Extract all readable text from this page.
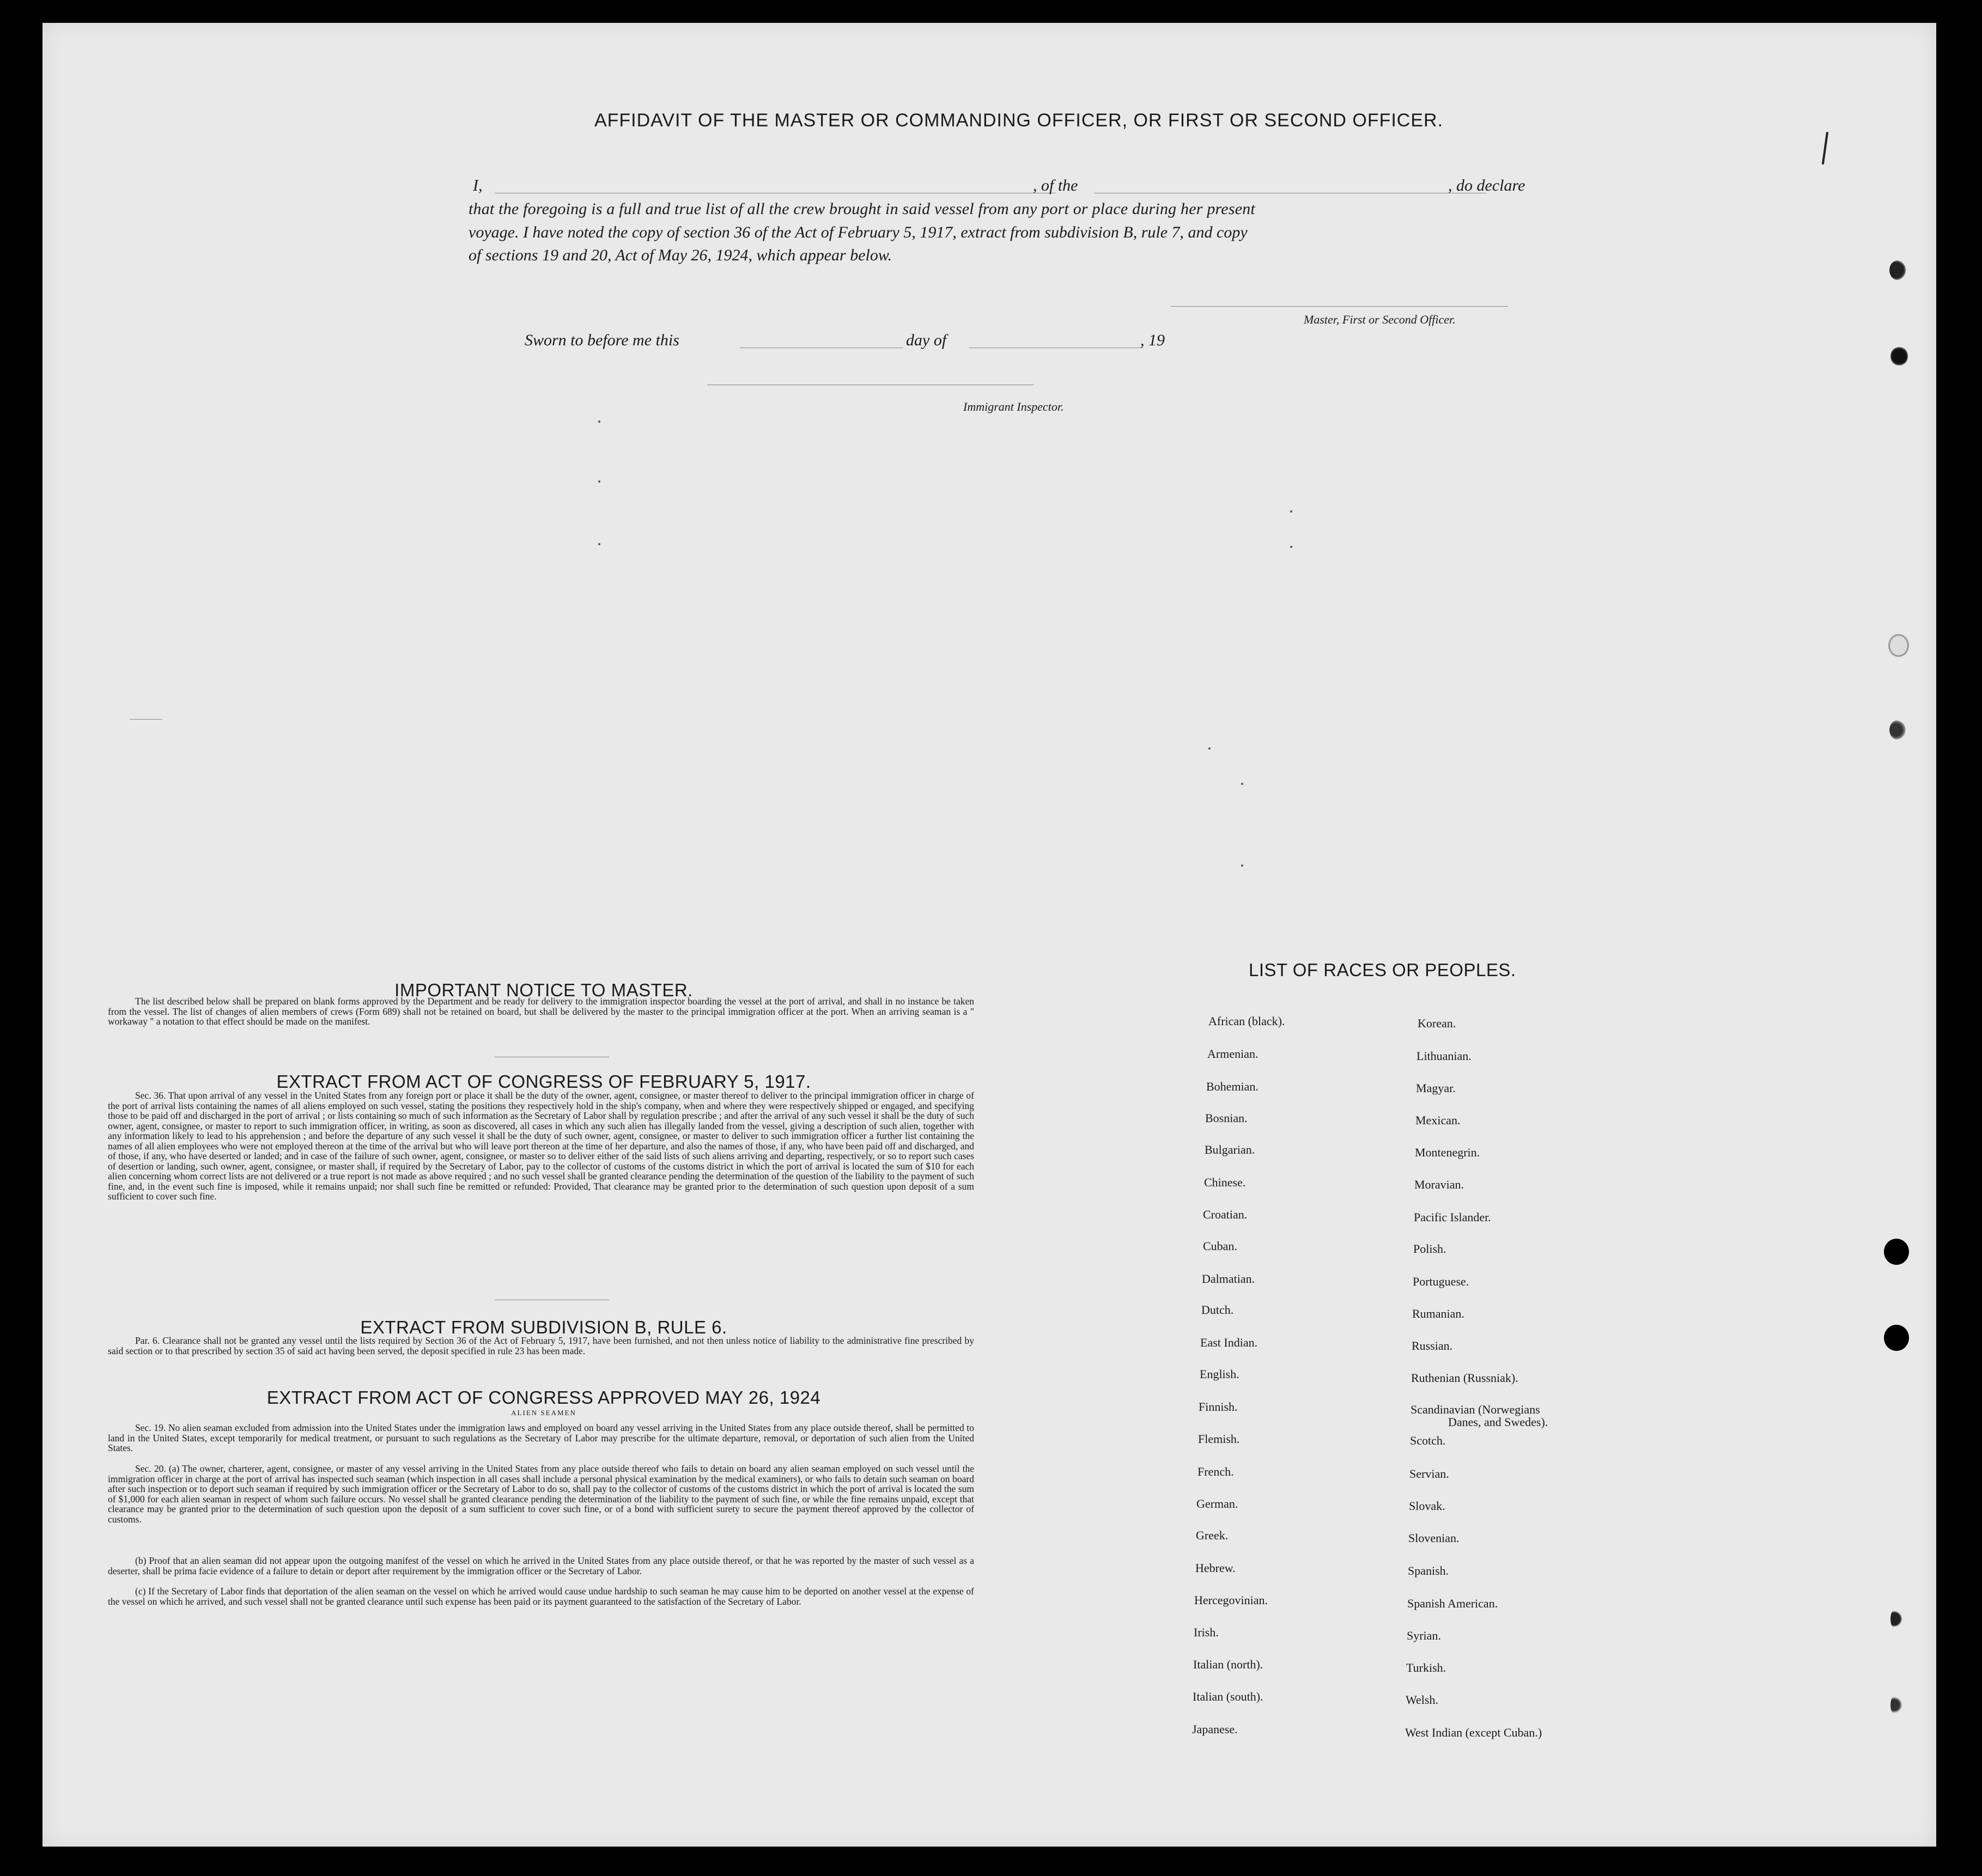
AFFIDAVIT OF THE MASTER OR COMMANDING OFFICER, OR FIRST OR SECOND OFFICER.
I,	, of the	, do declare
that the foregoing is a full and true list of all the crew brought in said vessel from any port or place during her present
voyage. I have noted the copy of section 36 of the Act of February 5, 1917, extract from subdivision B, rule 7, and copy
of sections 19 and 20, Act of May 26, 1924, which appear below.
Master, First or Second Officer.
Sworn to before me this	day of	, 19
Immigrant Inspector.
IMPORTANT NOTICE TO MASTER.
The list described below shall be prepared on blank forms approved by the Department and be ready for delivery to the immigration inspector boarding the vessel at the port of arrival, and shall in no instance be taken from the vessel. The list of changes of alien members of crews (Form 689) shall not be retained on board, but shall be delivered by the master to the principal immigration officer at the port. When an arriving seaman is a " workaway " a notation to that effect should be made on the manifest.
EXTRACT FROM ACT OF CONGRESS OF FEBRUARY 5, 1917.
Sec. 36. That upon arrival of any vessel in the United States from any foreign port or place it shall be the duty of the owner, agent, consignee, or master thereof to deliver to the principal immigration officer in charge of the port of arrival lists containing the names of all aliens employed on such vessel, stating the positions they respectively hold in the ship's company, when and where they were respectively shipped or engaged, and specifying those to be paid off and discharged in the port of arrival ; or lists containing so much of such information as the Secretary of Labor shall by regulation prescribe ; and after the arrival of any such vessel it shall be the duty of such owner, agent, consignee, or master to report to such immigration officer, in writing, as soon as discovered, all cases in which any such alien has illegally landed from the vessel, giving a description of such alien, together with any information likely to lead to his apprehension ; and before the departure of any such vessel it shall be the duty of such owner, agent, consignee, or master to deliver to such immigration officer a further list containing the names of all alien employees who were not employed thereon at the time of the arrival but who will leave port thereon at the time of her departure, and also the names of those, if any, who have been paid off and discharged, and of those, if any, who have deserted or landed; and in case of the failure of such owner, agent, consignee, or master so to deliver either of the said lists of such aliens arriving and departing, respectively, or so to report such cases of desertion or landing, such owner, agent, consignee, or master shall, if required by the Secretary of Labor, pay to the collector of customs of the customs district in which the port of arrival is located the sum of $10 for each alien concerning whom correct lists are not delivered or a true report is not made as above required ; and no such vessel shall be granted clearance pending the determination of the question of the liability to the payment of such fine, and, in the event such fine is imposed, while it remains unpaid; nor shall such fine be remitted or refunded: Provided, That clearance may be granted prior to the determination of such question upon deposit of a sum sufficient to cover such fine.
EXTRACT FROM SUBDIVISION B, RULE 6.
Par. 6. Clearance shall not be granted any vessel until the lists required by Section 36 of the Act of February 5, 1917, have been furnished, and not then unless notice of liability to the administrative fine prescribed by said section or to that prescribed by section 35 of said act having been served, the deposit specified in rule 23 has been made.
EXTRACT FROM ACT OF CONGRESS APPROVED MAY 26, 1924
ALIEN SEAMEN
Sec. 19. No alien seaman excluded from admission into the United States under the immigration laws and employed on board any vessel arriving in the United States from any place outside thereof, shall be permitted to land in the United States, except temporarily for medical treatment, or pursuant to such regulations as the Secretary of Labor may prescribe for the ultimate departure, removal, or deportation of such alien from the United States.
Sec. 20. (a) The owner, charterer, agent, consignee, or master of any vessel arriving in the United States from any place outside thereof who fails to detain on board any alien seaman employed on such vessel until the immigration officer in charge at the port of arrival has inspected such seaman (which inspection in all cases shall include a personal physical examination by the medical examiners), or who fails to detain such seaman on board after such inspection or to deport such seaman if required by such immigration officer or the Secretary of Labor to do so, shall pay to the collector of customs of the customs district in which the port of arrival is located the sum of $1,000 for each alien seaman in respect of whom such failure occurs. No vessel shall be granted clearance pending the determination of the liability to the payment of such fine, or while the fine remains unpaid, except that clearance may be granted prior to the determination of such question upon the deposit of a sum sufficient to cover such fine, or of a bond with sufficient surety to secure the payment thereof approved by the collector of customs.
(b) Proof that an alien seaman did not appear upon the outgoing manifest of the vessel on which he arrived in the United States from any place outside thereof, or that he was reported by the master of such vessel as a deserter, shall be prima facie evidence of a failure to detain or deport after requirement by the immigration officer or the Secretary of Labor.
(c) If the Secretary of Labor finds that deportation of the alien seaman on the vessel on which he arrived would cause undue hardship to such seaman he may cause him to be deported on another vessel at the expense of the vessel on which he arrived, and such vessel shall not be granted clearance until such expense has been paid or its payment guaranteed to the satisfaction of the Secretary of Labor.
LIST OF RACES OR PEOPLES.
African (black).
Armenian.
Bohemian.
Bosnian.
Bulgarian.
Chinese.
Croatian.
Cuban.
Dalmatian.
Dutch.
East Indian.
English.
Finnish.
Flemish.
French.
German.
Greek.
Hebrew.
Hercegovinian.
Irish.
Italian (north).
Italian (south).
Japanese.
Korean.
Lithuanian.
Magyar.
Mexican.
Montenegrin.
Moravian.
Pacific Islander.
Polish.
Portuguese.
Rumanian.
Russian.
Ruthenian (Russniak).
Scandinavian (Norwegians
Danes, and Swedes).
Scotch.
Servian.
Slovak.
Slovenian.
Spanish.
Spanish American.
Syrian.
Turkish.
Welsh.
West Indian (except Cuban.)
